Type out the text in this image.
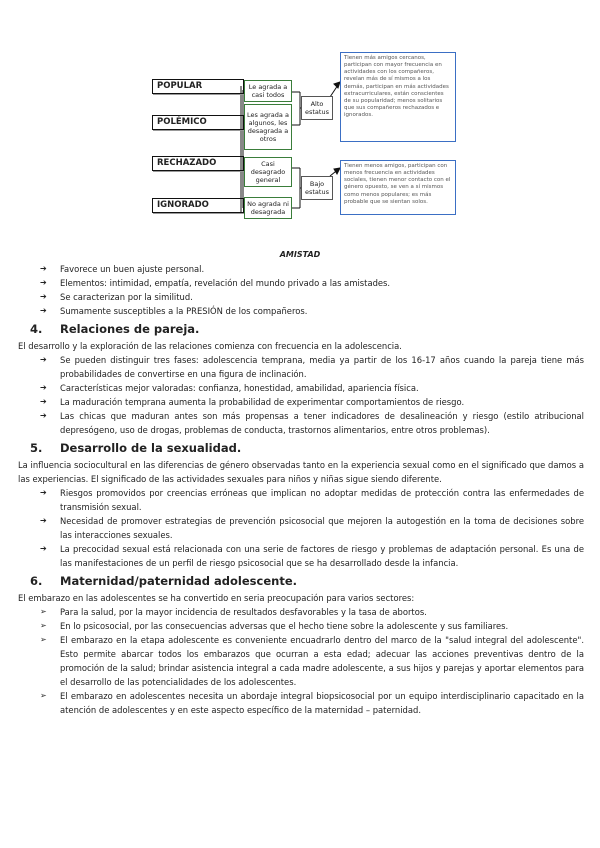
POPULAR
POLÉMICO
RECHAZADO
IGNORADO
Le agrada a casi todos
Les agrada a algunos, les desagrada a otros
Casi desagrado general
No agrada ni desagrada
Alto estatus
Bajo estatus
Tienen más amigos cercanos, participan con mayor frecuencia en actividades con los compañeros, revelan más de sí mismos a los demás, participan en más actividades extracurriculares, están conscientes de su popularidad; menos solitarios que sus compañeros rechazados e ignorados.
Tienen menos amigos, participan con menos frecuencia en actividades sociales, tienen menor contacto con el género opuesto, se ven a sí mismos como menos populares; es más probable que se sientan solos.
AMISTAD
➔ Favorece un buen ajuste personal.
➔ Elementos: intimidad, empatía, revelación del mundo privado a las amistades.
➔ Se caracterizan por la similitud.
➔ Sumamente susceptibles a la PRESIÓN de los compañeros.
4. Relaciones de pareja.

El desarrollo y la exploración de las relaciones comienza con frecuencia en la adolescencia.

➔ Se pueden distinguir tres fases: adolescencia temprana, media ya partir de los 16-17 años cuando la pareja tiene más probabilidades de convertirse en una figura de inclinación.
➔ Características mejor valoradas: confianza, honestidad, amabilidad, apariencia física.
➔ La maduración temprana aumenta la probabilidad de experimentar comportamientos de riesgo.
➔ Las chicas que maduran antes son más propensas a tener indicadores de desalineación y riesgo (estilo atribucional depresógeno, uso de drogas, problemas de conducta, trastornos alimentarios, entre otros problemas).
5. Desarrollo de la sexualidad.

La influencia sociocultural en las diferencias de género observadas tanto en la experiencia sexual como en el significado que damos a las experiencias. El significado de las actividades sexuales para niños y niñas sigue siendo diferente.

➔ Riesgos promovidos por creencias erróneas que implican no adoptar medidas de protección contra las enfermedades de transmisión sexual.
➔ Necesidad de promover estrategias de prevención psicosocial que mejoren la autogestión en la toma de decisiones sobre las interacciones sexuales.
➔ La precocidad sexual está relacionada con una serie de factores de riesgo y problemas de adaptación personal. Es una de las manifestaciones de un perfil de riesgo psicosocial que se ha desarrollado desde la infancia.
6. Maternidad/paternidad adolescente.

El embarazo en las adolescentes se ha convertido en seria preocupación para varios sectores:

➢ Para la salud, por la mayor incidencia de resultados desfavorables y la tasa de abortos.
➢ En lo psicosocial, por las consecuencias adversas que el hecho tiene sobre la adolescente y sus familiares.
➢ El embarazo en la etapa adolescente es conveniente encuadrarlo dentro del marco de la "salud integral del adolescente". Esto permite abarcar todos los embarazos que ocurran a esta edad; adecuar las acciones preventivas dentro de la promoción de la salud; brindar asistencia integral a cada madre adolescente, a sus hijos y parejas y aportar elementos para el desarrollo de las potencialidades de los adolescentes.
➢ El embarazo en adolescentes necesita un abordaje integral biopsicosocial por un equipo interdisciplinario capacitado en la atención de adolescentes y en este aspecto específico de la maternidad – paternidad.
